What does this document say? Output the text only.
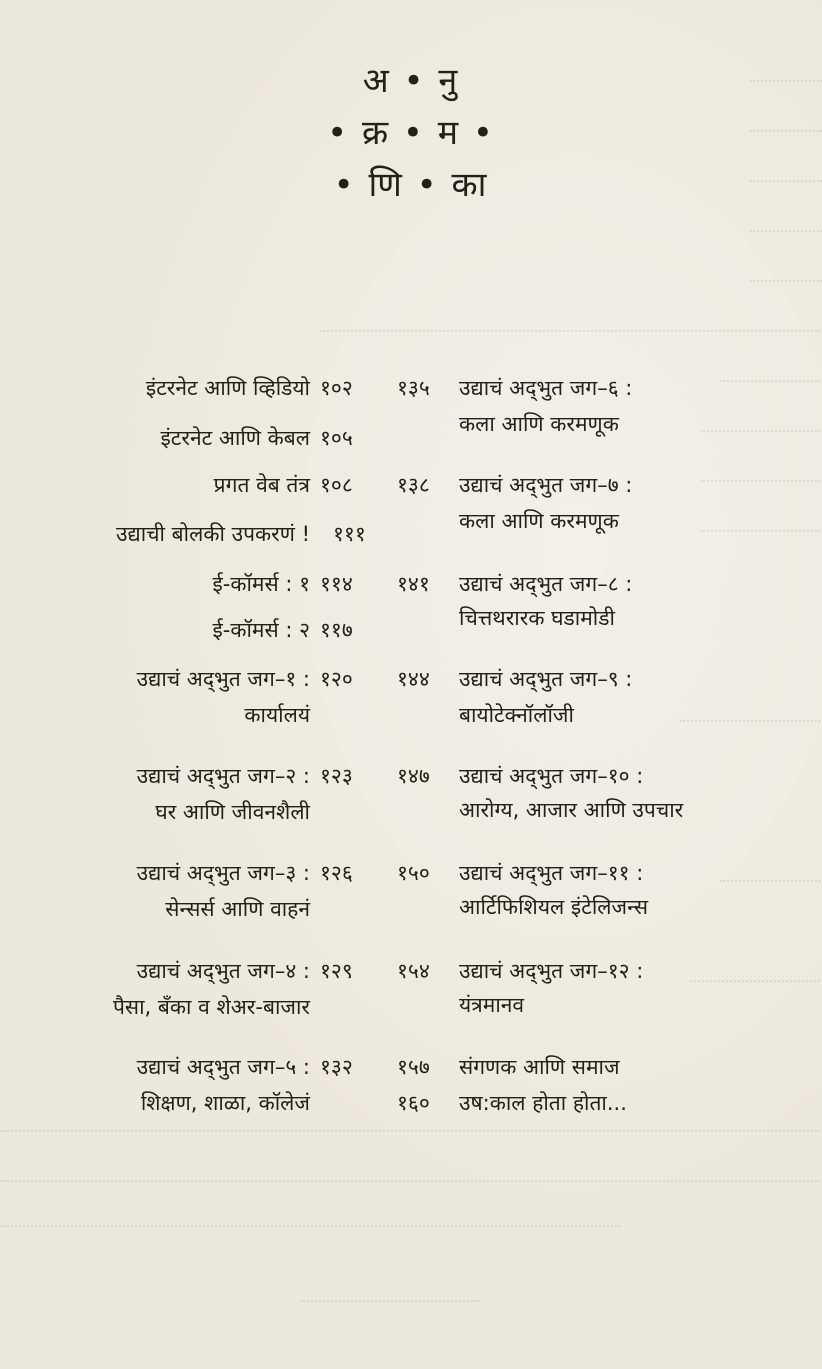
अ • नु
• क्र • म •
• णि • का
इंटरनेट आणि व्हिडियो १०२
इंटरनेट आणि केबल १०५
प्रगत वेब तंत्र १०८
उद्याची बोलकी उपकरणं ! १११
ई-कॉमर्स : १ ११४
ई-कॉमर्स : २ ११७
उद्याचं अद्‌भुत जग–१ : १२०
कार्यालयं
उद्याचं अद्‌भुत जग–२ : १२३
घर आणि जीवनशैली
उद्याचं अद्‌भुत जग–३ : १२६
सेन्सर्स आणि वाहनं
उद्याचं अद्‌भुत जग–४ : १२९
पैसा, बँका व शेअर-बाजार
उद्याचं अद्‌भुत जग–५ : १३२
शिक्षण, शाळा, कॉलेजं
१३५ उद्याचं अद्‌भुत जग–६ :
कला आणि करमणूक
१३८ उद्याचं अद्‌भुत जग–७ :
कला आणि करमणूक
१४१ उद्याचं अद्‌भुत जग–८ :
चित्तथरारक घडामोडी
१४४ उद्याचं अद्‌भुत जग–९ :
बायोटेक्नॉलॉजी
१४७ उद्याचं अद्‌भुत जग–१० :
आरोग्य, आजार आणि उपचार
१५० उद्याचं अद्‌भुत जग–११ :
आर्टिफिशियल इंटेलिजन्स
१५४ उद्याचं अद्‌भुत जग–१२ :
यंत्रमानव
१५७ संगणक आणि समाज
१६० उष:काल होता होता...
